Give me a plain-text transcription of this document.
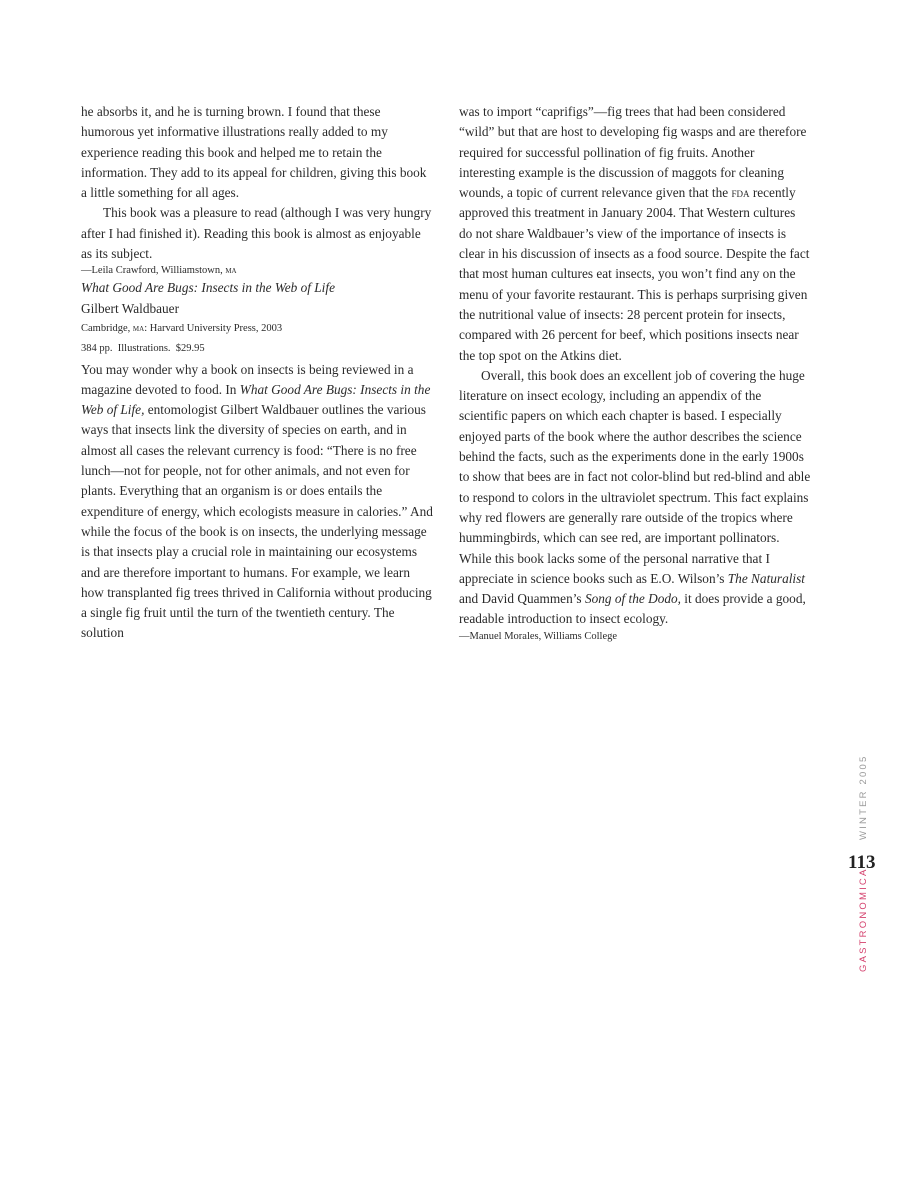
he absorbs it, and he is turning brown. I found that these humorous yet informative illustrations really added to my experience reading this book and helped me to retain the information. They add to its appeal for children, giving this book a little something for all ages.

This book was a pleasure to read (although I was very hungry after I had finished it). Reading this book is almost as enjoyable as its subject.

—Leila Crawford, Williamstown, ma

What Good Are Bugs: Insects in the Web of Life

Gilbert Waldbauer

Cambridge, ma: Harvard University Press, 2003

384 pp.  Illustrations.  $29.95

You may wonder why a book on insects is being reviewed in a magazine devoted to food. In What Good Are Bugs: Insects in the Web of Life, entomologist Gilbert Waldbauer outlines the various ways that insects link the diversity of species on earth, and in almost all cases the relevant currency is food: “There is no free lunch—not for people, not for other animals, and not even for plants. Everything that an organism is or does entails the expenditure of energy, which ecologists measure in calories.” And while the focus of the book is on insects, the underlying message is that insects play a crucial role in maintaining our ecosystems and are therefore important to humans. For example, we learn how transplanted fig trees thrived in California without producing a single fig fruit until the turn of the twentieth century. The solution

was to import “caprifigs”—fig trees that had been considered “wild” but that are host to developing fig wasps and are therefore required for successful pollination of fig fruits. Another interesting example is the discussion of maggots for cleaning wounds, a topic of current relevance given that the fda recently approved this treatment in January 2004. That Western cultures do not share Waldbauer’s view of the importance of insects is clear in his discussion of insects as a food source. Despite the fact that most human cultures eat insects, you won’t find any on the menu of your favorite restaurant. This is perhaps surprising given the nutritional value of insects: 28 percent protein for insects, compared with 26 percent for beef, which positions insects near the top spot on the Atkins diet.

Overall, this book does an excellent job of covering the huge literature on insect ecology, including an appendix of the scientific papers on which each chapter is based. I especially enjoyed parts of the book where the author describes the science behind the facts, such as the experiments done in the early 1900s to show that bees are in fact not color-blind but red-blind and able to respond to colors in the ultraviolet spectrum. This fact explains why red flowers are generally rare outside of the tropics where hummingbirds, which can see red, are important pollinators. While this book lacks some of the personal narrative that I appreciate in science books such as E.O. Wilson’s The Naturalist and David Quammen’s Song of the Dodo, it does provide a good, readable introduction to insect ecology.

—Manuel Morales, Williams College

WINTER 2005
GASTRONOMICA
113
